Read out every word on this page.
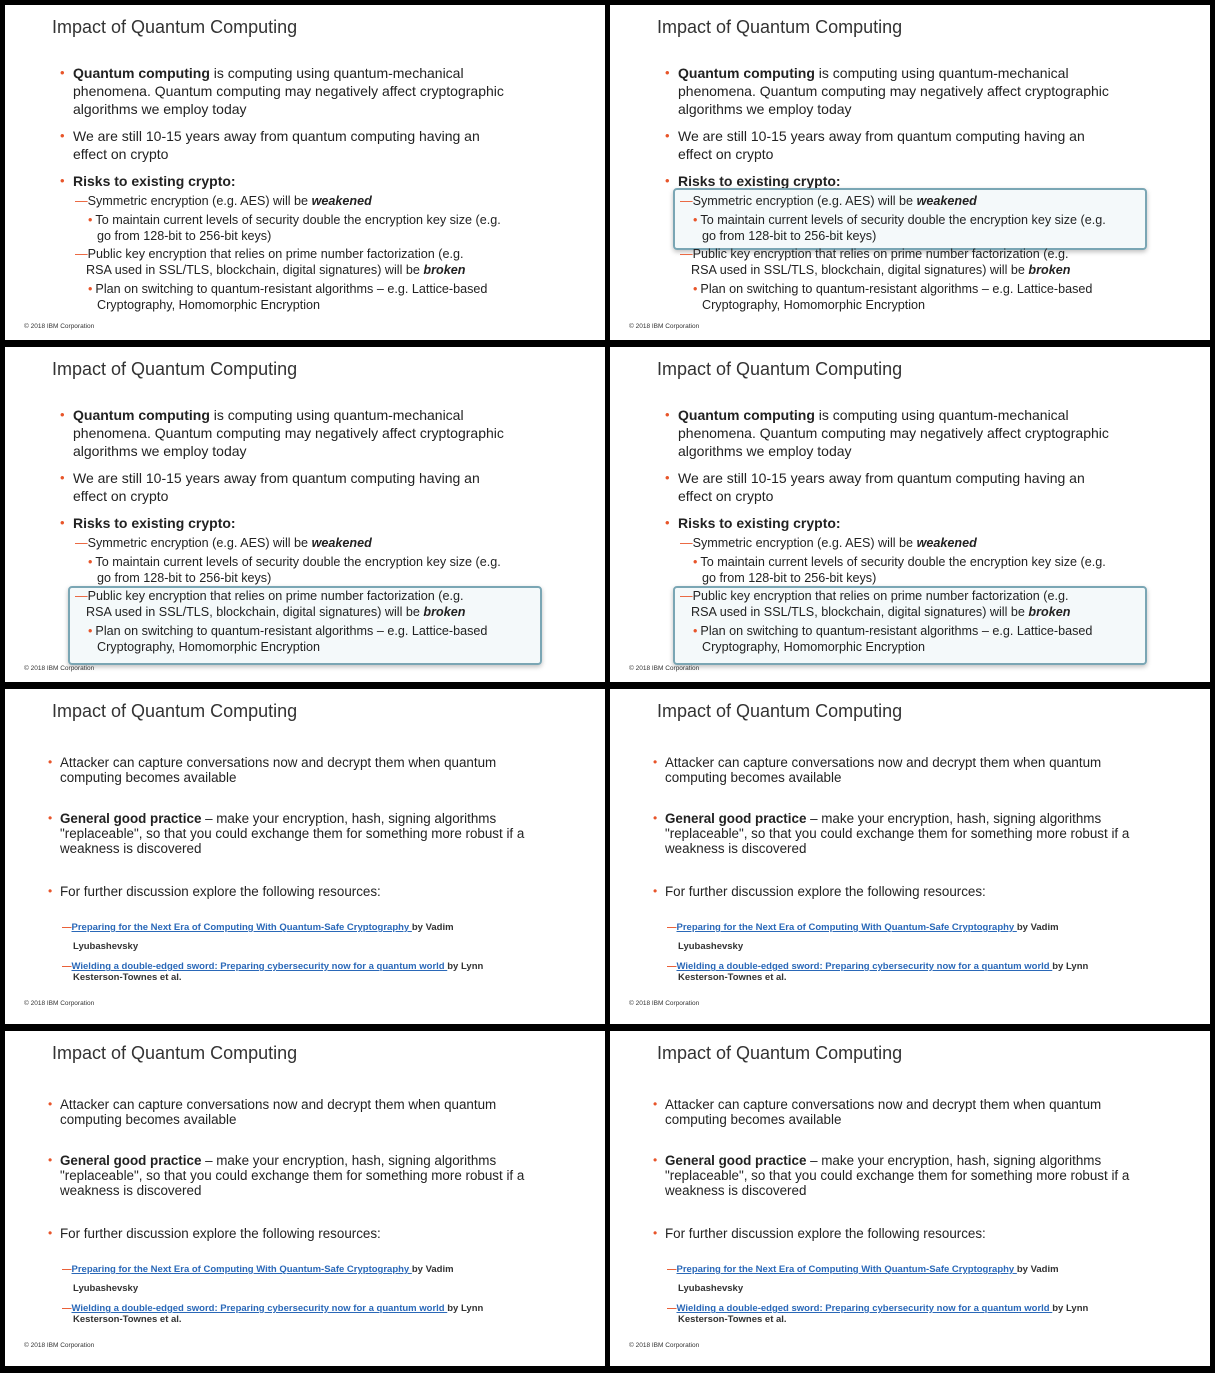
Impact of Quantum Computing
• Quantum computing is computing using quantum-mechanical
phenomena. Quantum computing may negatively affect cryptographic
algorithms we employ today
• We are still 10-15 years away from quantum computing having an
effect on crypto
• Risks to existing crypto:
—Symmetric encryption (e.g. AES) will be weakened
• To maintain current levels of security double the encryption key size (e.g.
go from 128-bit to 256-bit keys)
—Public key encryption that relies on prime number factorization (e.g.
RSA used in SSL/TLS, blockchain, digital signatures) will be broken
• Plan on switching to quantum-resistant algorithms – e.g. Lattice-based
Cryptography, Homomorphic Encryption
© 2018 IBM Corporation
Impact of Quantum Computing
• Quantum computing is computing using quantum-mechanical
phenomena. Quantum computing may negatively affect cryptographic
algorithms we employ today
• We are still 10-15 years away from quantum computing having an
effect on crypto
• Risks to existing crypto:
—Symmetric encryption (e.g. AES) will be weakened
• To maintain current levels of security double the encryption key size (e.g.
go from 128-bit to 256-bit keys)
—Public key encryption that relies on prime number factorization (e.g.
RSA used in SSL/TLS, blockchain, digital signatures) will be broken
• Plan on switching to quantum-resistant algorithms – e.g. Lattice-based
Cryptography, Homomorphic Encryption
© 2018 IBM Corporation
Impact of Quantum Computing
• Quantum computing is computing using quantum-mechanical
phenomena. Quantum computing may negatively affect cryptographic
algorithms we employ today
• We are still 10-15 years away from quantum computing having an
effect on crypto
• Risks to existing crypto:
—Symmetric encryption (e.g. AES) will be weakened
• To maintain current levels of security double the encryption key size (e.g.
go from 128-bit to 256-bit keys)
—Public key encryption that relies on prime number factorization (e.g.
RSA used in SSL/TLS, blockchain, digital signatures) will be broken
• Plan on switching to quantum-resistant algorithms – e.g. Lattice-based
Cryptography, Homomorphic Encryption
© 2018 IBM Corporation
Impact of Quantum Computing
• Quantum computing is computing using quantum-mechanical
phenomena. Quantum computing may negatively affect cryptographic
algorithms we employ today
• We are still 10-15 years away from quantum computing having an
effect on crypto
• Risks to existing crypto:
—Symmetric encryption (e.g. AES) will be weakened
• To maintain current levels of security double the encryption key size (e.g.
go from 128-bit to 256-bit keys)
—Public key encryption that relies on prime number factorization (e.g.
RSA used in SSL/TLS, blockchain, digital signatures) will be broken
• Plan on switching to quantum-resistant algorithms – e.g. Lattice-based
Cryptography, Homomorphic Encryption
© 2018 IBM Corporation
Impact of Quantum Computing
• Attacker can capture conversations now and decrypt them when quantum
computing becomes available
• General good practice – make your encryption, hash, signing algorithms
"replaceable", so that you could exchange them for something more robust if a
weakness is discovered
• For further discussion explore the following resources:
—Preparing for the Next Era of Computing With Quantum-Safe Cryptography by Vadim
Lyubashevsky
—Wielding a double-edged sword: Preparing cybersecurity now for a quantum world by Lynn
Kesterson-Townes et al.
© 2018 IBM Corporation
Impact of Quantum Computing
• Attacker can capture conversations now and decrypt them when quantum
computing becomes available
• General good practice – make your encryption, hash, signing algorithms
"replaceable", so that you could exchange them for something more robust if a
weakness is discovered
• For further discussion explore the following resources:
—Preparing for the Next Era of Computing With Quantum-Safe Cryptography by Vadim
Lyubashevsky
—Wielding a double-edged sword: Preparing cybersecurity now for a quantum world by Lynn
Kesterson-Townes et al.
© 2018 IBM Corporation
Impact of Quantum Computing
• Attacker can capture conversations now and decrypt them when quantum
computing becomes available
• General good practice – make your encryption, hash, signing algorithms
"replaceable", so that you could exchange them for something more robust if a
weakness is discovered
• For further discussion explore the following resources:
—Preparing for the Next Era of Computing With Quantum-Safe Cryptography by Vadim
Lyubashevsky
—Wielding a double-edged sword: Preparing cybersecurity now for a quantum world by Lynn
Kesterson-Townes et al.
© 2018 IBM Corporation
Impact of Quantum Computing
• Attacker can capture conversations now and decrypt them when quantum
computing becomes available
• General good practice – make your encryption, hash, signing algorithms
"replaceable", so that you could exchange them for something more robust if a
weakness is discovered
• For further discussion explore the following resources:
—Preparing for the Next Era of Computing With Quantum-Safe Cryptography by Vadim
Lyubashevsky
—Wielding a double-edged sword: Preparing cybersecurity now for a quantum world by Lynn
Kesterson-Townes et al.
© 2018 IBM Corporation
